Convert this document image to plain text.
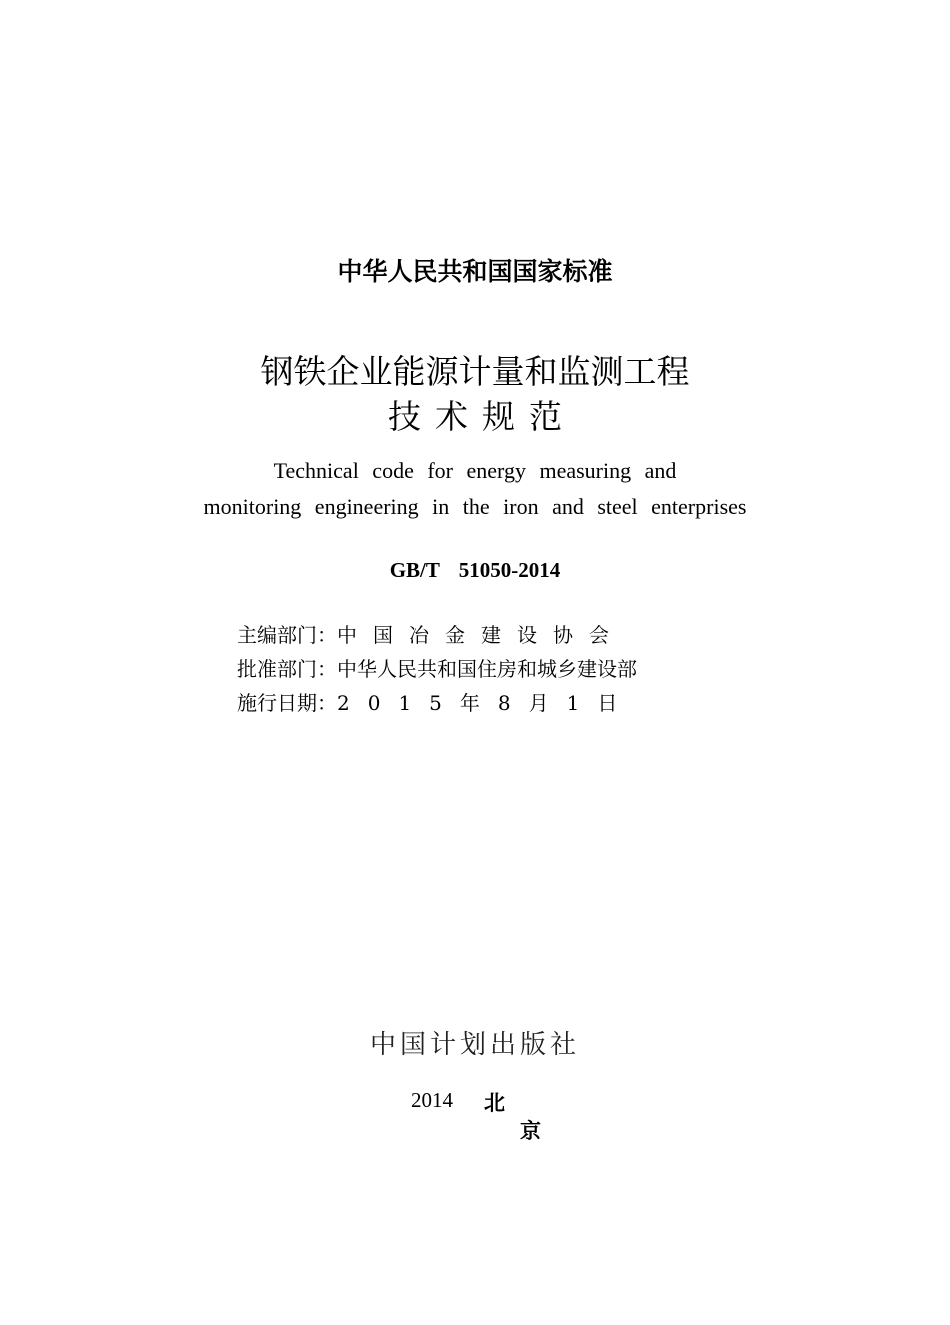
中华人民共和国国家标准
钢铁企业能源计量和监测工程
技术规范
Technical code for energy measuring and
monitoring engineering in the iron and steel enterprises
GB/T 51050-2014
主编部门：中国冶金建设协会
批准部门：中华人民共和国住房和城乡建设部
施行日期：2015年8月1日
中国计划出版社
2014 北
京
